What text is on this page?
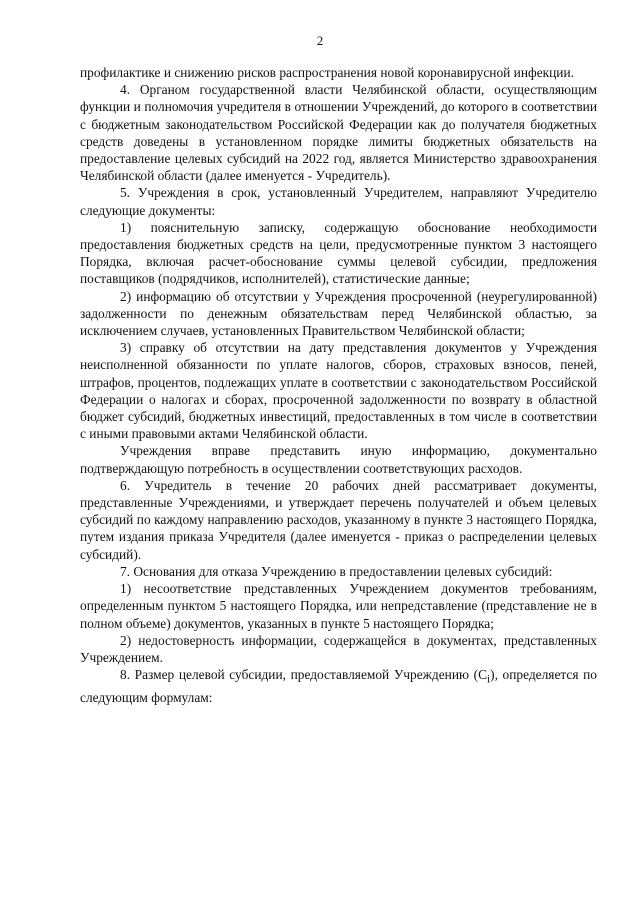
2

профилактике и снижению рисков распространения новой коронавирусной инфекции.

4. Органом государственной власти Челябинской области, осуществляющим функции и полномочия учредителя в отношении Учреждений, до которого в соответствии с бюджетным законодательством Российской Федерации как до получателя бюджетных средств доведены в установленном порядке лимиты бюджетных обязательств на предоставление целевых субсидий на 2022 год, является Министерство здравоохранения Челябинской области (далее именуется - Учредитель).

5. Учреждения в срок, установленный Учредителем, направляют Учредителю следующие документы:

1) пояснительную записку, содержащую обоснование необходимости предоставления бюджетных средств на цели, предусмотренные пунктом 3 настоящего Порядка, включая расчет-обоснование суммы целевой субсидии, предложения поставщиков (подрядчиков, исполнителей), статистические данные;

2) информацию об отсутствии у Учреждения просроченной (неурегулированной) задолженности по денежным обязательствам перед Челябинской областью, за исключением случаев, установленных Правительством Челябинской области;

3) справку об отсутствии на дату представления документов у Учреждения неисполненной обязанности по уплате налогов, сборов, страховых взносов, пеней, штрафов, процентов, подлежащих уплате в соответствии с законодательством Российской Федерации о налогах и сборах, просроченной задолженности по возврату в областной бюджет субсидий, бюджетных инвестиций, предоставленных в том числе в соответствии с иными правовыми актами Челябинской области.

Учреждения вправе представить иную информацию, документально подтверждающую потребность в осуществлении соответствующих расходов.

6. Учредитель в течение 20 рабочих дней рассматривает документы, представленные Учреждениями, и утверждает перечень получателей и объем целевых субсидий по каждому направлению расходов, указанному в пункте 3 настоящего Порядка, путем издания приказа Учредителя (далее именуется - приказ о распределении целевых субсидий).

7. Основания для отказа Учреждению в предоставлении целевых субсидий:

1) несоответствие представленных Учреждением документов требованиям, определенным пунктом 5 настоящего Порядка, или непредставление (представление не в полном объеме) документов, указанных в пункте 5 настоящего Порядка;

2) недостоверность информации, содержащейся в документах, представленных Учреждением.

8. Размер целевой субсидии, предоставляемой Учреждению $(C_i)$, определяется по следующим формулам:
